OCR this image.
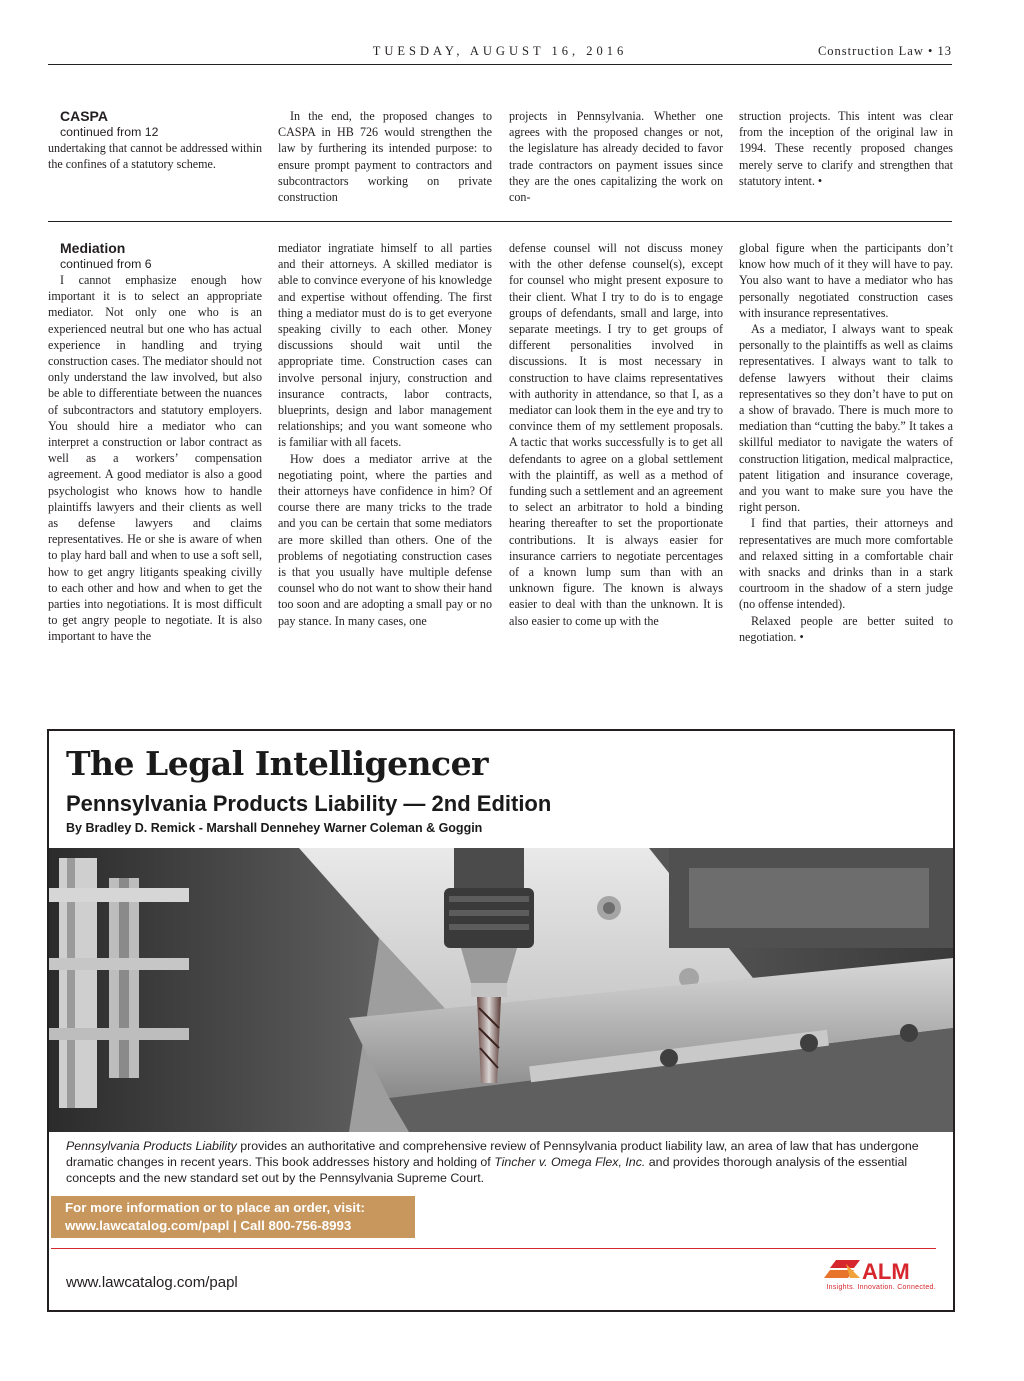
TUESDAY, AUGUST 16, 2016	Construction Law • 13

CASPA

continued from 12

undertaking that cannot be addressed within the confines of a statutory scheme.

In the end, the proposed changes to CASPA in HB 726 would strengthen the law by furthering its intended purpose: to ensure prompt payment to contractors and subcontractors working on private construction

projects in Pennsylvania. Whether one agrees with the proposed changes or not, the legislature has already decided to favor trade contractors on payment issues since they are the ones capitalizing the work on con-

struction projects. This intent was clear from the inception of the original law in 1994. These recently proposed changes merely serve to clarify and strengthen that statutory intent. •

Mediation

continued from 6

I cannot emphasize enough how important it is to select an appropriate mediator. Not only one who is an experienced neutral but one who has actual experience in handling and trying construction cases. The mediator should not only understand the law involved, but also be able to differentiate between the nuances of subcontractors and statutory employers. You should hire a mediator who can interpret a construction or labor contract as well as a workers’ compensation agreement. A good mediator is also a good psychologist who knows how to handle plaintiffs lawyers and their clients as well as defense lawyers and claims representatives. He or she is aware of when to play hard ball and when to use a soft sell, how to get angry litigants speaking civilly to each other and how and when to get the parties into negotiations. It is most difficult to get angry people to negotiate. It is also important to have the

mediator ingratiate himself to all parties and their attorneys. A skilled mediator is able to convince everyone of his knowledge and expertise without offending. The first thing a mediator must do is to get everyone speaking civilly to each other. Money discussions should wait until the appropriate time. Construction cases can involve personal injury, construction and insurance contracts, labor contracts, blueprints, design and labor management relationships; and you want someone who is familiar with all facets.

How does a mediator arrive at the negotiating point, where the parties and their attorneys have confidence in him? Of course there are many tricks to the trade and you can be certain that some mediators are more skilled than others. One of the problems of negotiating construction cases is that you usually have multiple defense counsel who do not want to show their hand too soon and are adopting a small pay or no pay stance. In many cases, one

defense counsel will not discuss money with the other defense counsel(s), except for counsel who might present exposure to their client. What I try to do is to engage groups of defendants, small and large, into separate meetings. I try to get groups of different personalities involved in discussions. It is most necessary in construction to have claims representatives with authority in attendance, so that I, as a mediator can look them in the eye and try to convince them of my settlement proposals. A tactic that works successfully is to get all defendants to agree on a global settlement with the plaintiff, as well as a method of funding such a settlement and an agreement to select an arbitrator to hold a binding hearing thereafter to set the proportionate contributions. It is always easier for insurance carriers to negotiate percentages of a known lump sum than with an unknown figure. The known is always easier to deal with than the unknown. It is also easier to come up with the

global figure when the participants don’t know how much of it they will have to pay. You also want to have a mediator who has personally negotiated construction cases with insurance representatives.

As a mediator, I always want to speak personally to the plaintiffs as well as claims representatives. I always want to talk to defense lawyers without their claims representatives so they don’t have to put on a show of bravado. There is much more to mediation than “cutting the baby.” It takes a skillful mediator to navigate the waters of construction litigation, medical malpractice, patent litigation and insurance coverage, and you want to make sure you have the right person.

I find that parties, their attorneys and representatives are much more comfortable and relaxed sitting in a comfortable chair with snacks and drinks than in a stark courtroom in the shadow of a stern judge (no offense intended).

Relaxed people are better suited to negotiation. •

The Legal Intelligencer
Pennsylvania Products Liability — 2nd Edition
By Bradley D. Remick - Marshall Dennehey Warner Coleman & Goggin
Pennsylvania Products Liability provides an authoritative and comprehensive review of Pennsylvania product liability law, an area of law that has undergone dramatic changes in recent years. This book addresses history and holding of Tincher v. Omega Flex, Inc. and provides thorough analysis of the essential concepts and the new standard set out by the Pennsylvania Supreme Court.
For more information or to place an order, visit:
www.lawcatalog.com/papl | Call 800-756-8993
www.lawcatalog.com/papl	ALM
Insights. Innovation. Connected.
